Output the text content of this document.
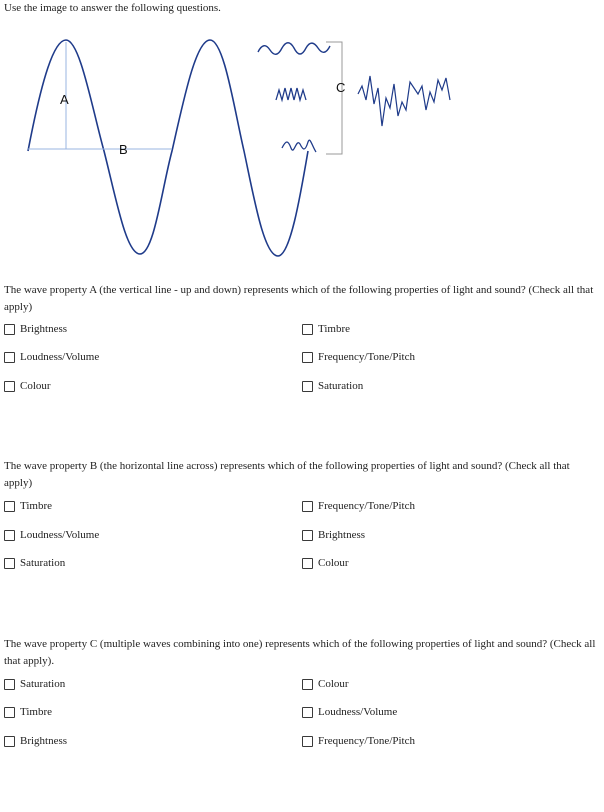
Use the image to answer the following questions.

A
B
C

The wave property A (the vertical line - up and down) represents which of the following properties of light and sound? (Check all that apply)

Brightness	Timbre
Loudness/Volume	Frequency/Tone/Pitch
Colour	Saturation

The wave property B (the horizontal line across) represents which of the following properties of light and sound? (Check all that apply)

Timbre	Frequency/Tone/Pitch
Loudness/Volume	Brightness
Saturation	Colour

The wave property C (multiple waves combining into one) represents which of the following properties of light and sound? (Check all that apply).

Saturation	Colour
Timbre	Loudness/Volume
Brightness	Frequency/Tone/Pitch
